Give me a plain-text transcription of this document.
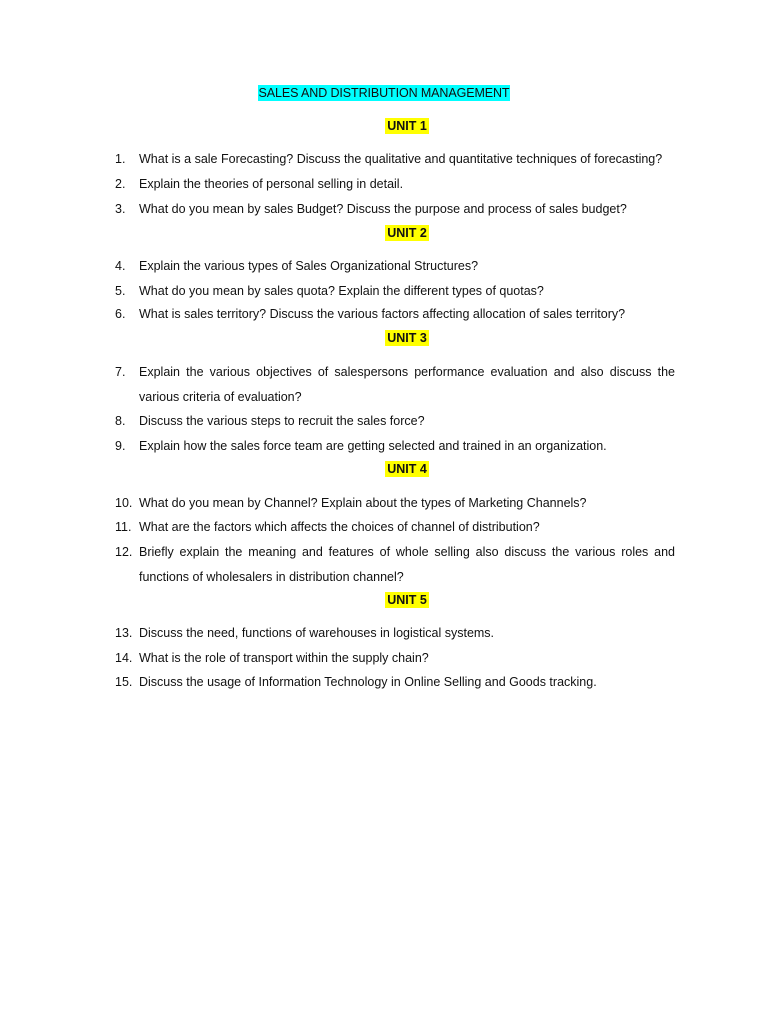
SALES AND DISTRIBUTION MANAGEMENT
UNIT 1
1.	What is a sale Forecasting? Discuss the qualitative and quantitative techniques of forecasting?
2.	Explain the theories of personal selling in detail.
3.	What do you mean by sales Budget? Discuss the purpose and process of sales budget?
UNIT 2
4.	Explain the various types of Sales Organizational Structures?
5.	What do you mean by sales quota? Explain the different types of quotas?
6.	What is sales territory? Discuss the various factors affecting allocation of sales territory?
UNIT 3
7.	Explain the various objectives of salespersons performance evaluation and also discuss the various criteria of evaluation?
8.	Discuss the various steps to recruit the sales force?
9.	Explain how the sales force team are getting selected and trained in an organization.
UNIT 4
10. What do you mean by Channel? Explain about the types of Marketing Channels?
11. What are the factors which affects the choices of channel of distribution?
12. Briefly explain the meaning and features of whole selling also discuss the various roles and functions of wholesalers in distribution channel?
UNIT 5
13. Discuss the need, functions of warehouses in logistical systems.
14. What is the role of transport within the supply chain?
15. Discuss the usage of Information Technology in Online Selling and Goods tracking.
